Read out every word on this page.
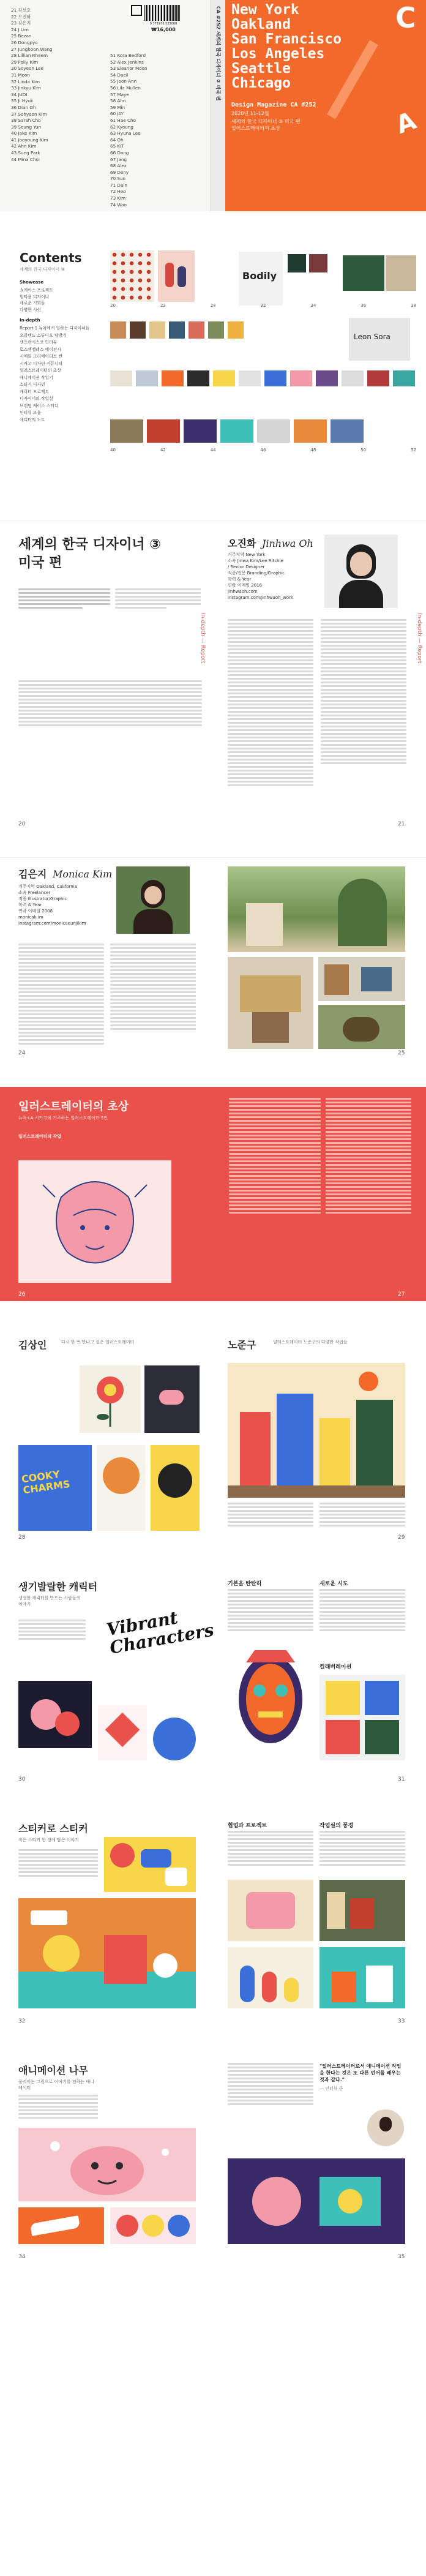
21 김선호
22 오진화
23 김은지
24 J.Lim
25 Bezan
26 Dongpyo
27 Junghoon Wang
28 Lillian Rheem
29 Polly Kim
30 Soyeon Lee
31 Moon
32 Linda Kim
33 Jinkyu Kim
34 JUDI
35 Ji Hyuk
36 Dian Oh
37 Sohyeon Kim
38 Sarah Cho
39 Seung Yun
40 Jake Kim
41 Jooyoung Kim
42 Ahn Kim
43 Sung Park
44 Mina Choi
9 771976 525008
₩16,000
51 Kora Bedford
52 Alex Jenkins
53 Eleanor Moon
54 Daeil
55 Joon Ann
56 Lila Mullen
57 Maye
58 Ahn
59 Min
60 JAY
61 Hae Cho
62 Kyoung
63 Hyuna Lee
64 Oh
65 KIT
66 Dong
67 Jang
68 Alex
69 Dony
70 Sun
71 Dain
72 Heo
73 Kim
74 Woo
CA #252 세계의 한국 디자이너 ③ 미국 편 New York
Oakland
San Francisco
Los Angeles
Seattle
Chicago
C
A
Design Magazine CA #252
2020년 11-12월
세계의 한국 디자이너 ③ 미국 편
일러스트레이터의 초상
Contents
세계의 한국 디자이너 ③
Showcase
쇼케이스 프로젝트
멀티플 디자이너
새로운 기회들
다양한 시선
In-depth
Report 1 뉴욕에서 일하는 디자이너들
오클랜드 스튜디오 탐방기
샌프란시스코 인터뷰
로스앤젤레스 에이전시
시애틀 크리에이티브 씬
시카고 디자인 커뮤니티
일러스트레이터의 초상
애니메이션 작업기
스티커 디자인
캐릭터 프로젝트
디자이너의 작업실
브랜딩 케이스 스터디
인터뷰 모음
에디터의 노트
Bodily
Leon Sora
20	22	24	32	34	36	38
40	42	44	46	48	50	52
세계의 한국 디자이너 ③ 미국 편
In-depth — Report
20
오진화 Jinhwa Oh
거주지역 New York
소속 Jinwa Kim/Lee Ritchie
/ Senior Designer
직종/전문 Branding/Graphic
학력 & Year
연락 이메일 2016
jinhwaoh.com
instagram.com/jinhwaoh_work
In-depth — Report
21
김은지 Monica Kim
거주지역 Oakland, California
소속 Freelancer
직종 Illustrator/Graphic
학력 & Year
연락 이메일 2008
monicak.im
instagram.com/monicaeunjikim
24	25
일러스트레이터의 초상
뉴욕·LA·시카고에 거주하는 일러스트레이터 5인
일러스트레이터의 작업
26	27
김상인	다시 한 번 만나고 싶은 일러스트레이터
COOKY CHARMS
28
노준구	일러스트레이터 노준구의 다양한 작업들
29
생기발랄한 캐릭터
생생한 캐릭터를 만드는 사람들의 이야기
Vibrant Characters
30
기본을 탄탄히	새로운 시도
컬래버레이션
31
스티커로 스티커
작은 스티커 한 장에 담은 이야기
32
협업과 프로젝트	작업실의 풍경
33
애니메이션 나무
움직이는 그림으로 이야기를 전하는 애니메이터
34
"일러스트레이터로서 애니메이션 작업을 한다는 것은 또 다른 언어를 배우는 것과 같다."
— 인터뷰 중
35
